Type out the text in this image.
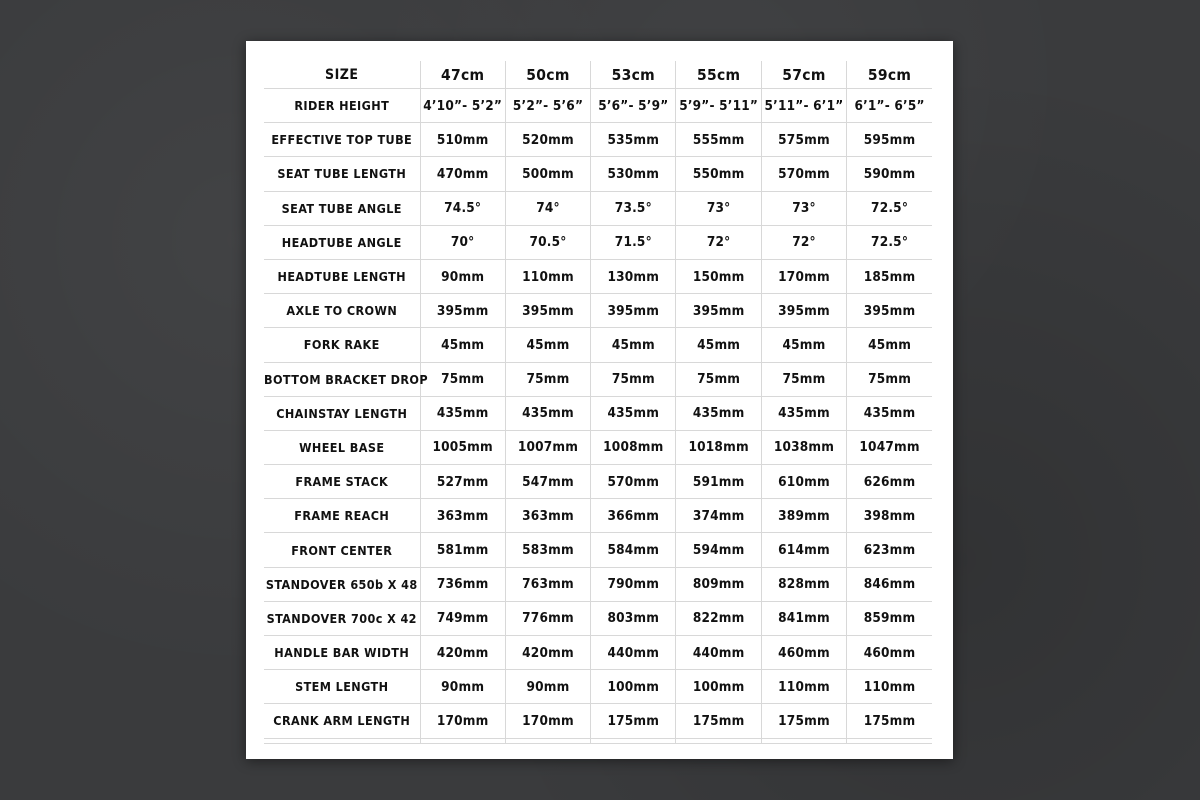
SIZE	47cm	50cm	53cm	55cm	57cm	59cm
RIDER HEIGHT	4’10”- 5’2”	5’2”- 5’6”	5’6”- 5’9”	5’9”- 5’11”	5’11”- 6’1”	6’1”- 6’5”
EFFECTIVE TOP TUBE	510mm	520mm	535mm	555mm	575mm	595mm
SEAT TUBE LENGTH	470mm	500mm	530mm	550mm	570mm	590mm
SEAT TUBE ANGLE	74.5°	74°	73.5°	73°	73°	72.5°
HEADTUBE ANGLE	70°	70.5°	71.5°	72°	72°	72.5°
HEADTUBE LENGTH	90mm	110mm	130mm	150mm	170mm	185mm
AXLE TO CROWN	395mm	395mm	395mm	395mm	395mm	395mm
FORK RAKE	45mm	45mm	45mm	45mm	45mm	45mm
BOTTOM BRACKET DROP	75mm	75mm	75mm	75mm	75mm	75mm
CHAINSTAY LENGTH	435mm	435mm	435mm	435mm	435mm	435mm
WHEEL BASE	1005mm	1007mm	1008mm	1018mm	1038mm	1047mm
FRAME STACK	527mm	547mm	570mm	591mm	610mm	626mm
FRAME REACH	363mm	363mm	366mm	374mm	389mm	398mm
FRONT CENTER	581mm	583mm	584mm	594mm	614mm	623mm
STANDOVER 650b X 48	736mm	763mm	790mm	809mm	828mm	846mm
STANDOVER 700c X 42	749mm	776mm	803mm	822mm	841mm	859mm
HANDLE BAR WIDTH	420mm	420mm	440mm	440mm	460mm	460mm
STEM LENGTH	90mm	90mm	100mm	100mm	110mm	110mm
CRANK ARM LENGTH	170mm	170mm	175mm	175mm	175mm	175mm
